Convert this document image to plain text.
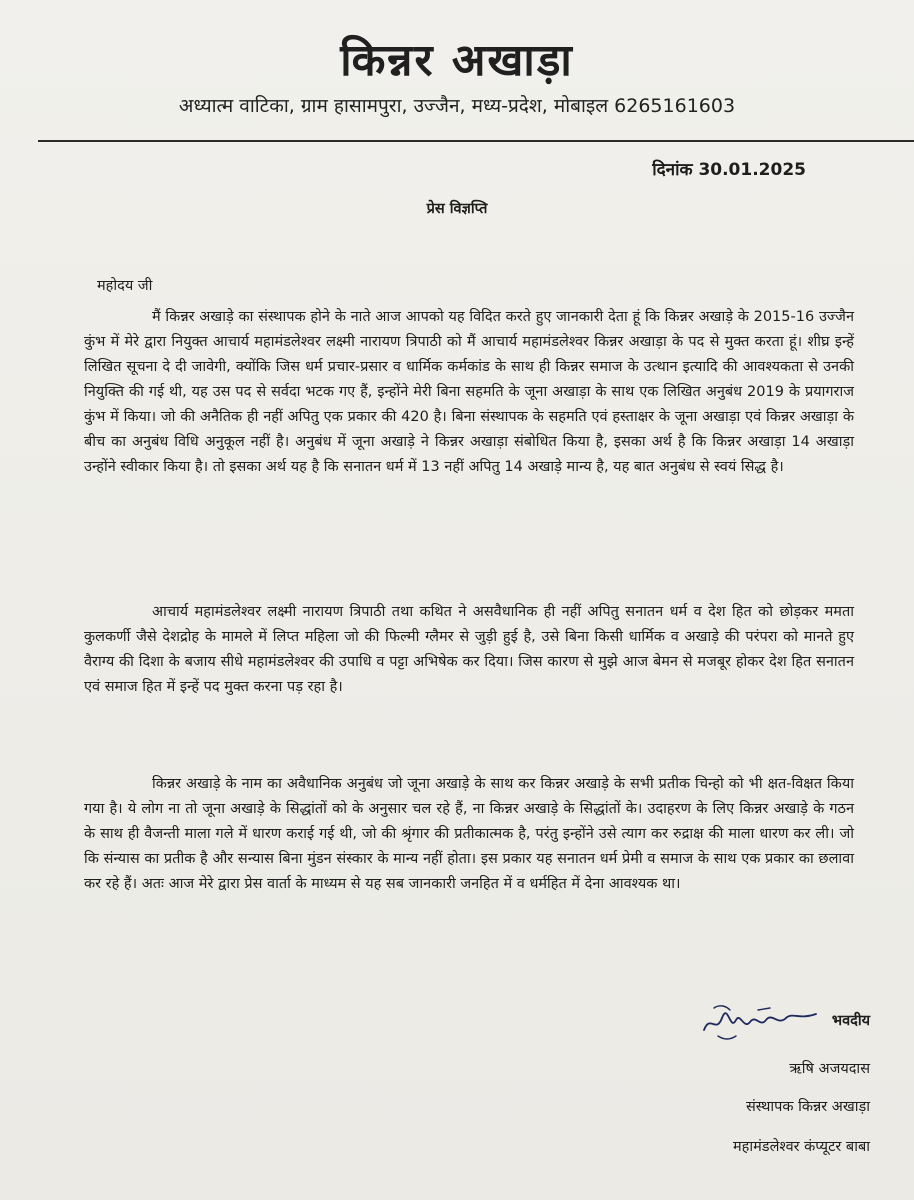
किन्नर अखाड़ा
अध्यात्म वाटिका, ग्राम हासामपुरा, उज्जैन, मध्य-प्रदेश, मोबाइल 6265161603
दिनांक 30.01.2025
प्रेस विज्ञप्ति
महोदय जी

मैं किन्नर अखाड़े का संस्थापक होने के नाते आज आपको यह विदित करते हुए जानकारी देता हूं कि किन्नर अखाड़े के 2015-16 उज्जैन कुंभ में मेरे द्वारा नियुक्त आचार्य महामंडलेश्वर लक्ष्मी नारायण त्रिपाठी को मैं आचार्य महामंडलेश्वर किन्नर अखाड़ा के पद से मुक्त करता हूं। शीघ्र इन्हें लिखित सूचना दे दी जावेगी, क्योंकि जिस धर्म प्रचार-प्रसार व धार्मिक कर्मकांड के साथ ही किन्नर समाज के उत्थान इत्यादि की आवश्यकता से उनकी नियुक्ति की गई थी, यह उस पद से सर्वदा भटक गए हैं, इन्होंने मेरी बिना सहमति के जूना अखाड़ा के साथ एक लिखित अनुबंध 2019 के प्रयागराज कुंभ में किया। जो की अनैतिक ही नहीं अपितु एक प्रकार की 420 है। बिना संस्थापक के सहमति एवं हस्ताक्षर के जूना अखाड़ा एवं किन्नर अखाड़ा के बीच का अनुबंध विधि अनुकूल नहीं है। अनुबंध में जूना अखाड़े ने किन्नर अखाड़ा संबोधित किया है, इसका अर्थ है कि किन्नर अखाड़ा 14 अखाड़ा उन्होंने स्वीकार किया है। तो इसका अर्थ यह है कि सनातन धर्म में 13 नहीं अपितु 14 अखाड़े मान्य है, यह बात अनुबंध से स्वयं सिद्ध है।

आचार्य महामंडलेश्वर लक्ष्मी नारायण त्रिपाठी तथा कथित ने असवैधानिक ही नहीं अपितु सनातन धर्म व देश हित को छोड़कर ममता कुलकर्णी जैसे देशद्रोह के मामले में लिप्त महिला जो की फिल्मी ग्लैमर से जुड़ी हुई है, उसे बिना किसी धार्मिक व अखाड़े की परंपरा को मानते हुए वैराग्य की दिशा के बजाय सीधे महामंडलेश्वर की उपाधि व पट्टा अभिषेक कर दिया। जिस कारण से मुझे आज बेमन से मजबूर होकर देश हित सनातन एवं समाज हित में इन्हें पद मुक्त करना पड़ रहा है।

किन्नर अखाड़े के नाम का अवैधानिक अनुबंध जो जूना अखाड़े के साथ कर किन्नर अखाड़े के सभी प्रतीक चिन्हो को भी क्षत-विक्षत किया गया है। ये लोग ना तो जूना अखाड़े के सिद्धांतों को के अनुसार चल रहे हैं, ना किन्नर अखाड़े के सिद्धांतों के। उदाहरण के लिए किन्नर अखाड़े के गठन के साथ ही वैजन्ती माला गले में धारण कराई गई थी, जो की श्रृंगार की प्रतीकात्मक है, परंतु इन्होंने उसे त्याग कर रुद्राक्ष की माला धारण कर ली। जो कि संन्यास का प्रतीक है और सन्यास बिना मुंडन संस्कार के मान्य नहीं होता। इस प्रकार यह सनातन धर्म प्रेमी व समाज के साथ एक प्रकार का छलावा कर रहे हैं। अतः आज मेरे द्वारा प्रेस वार्ता के माध्यम से यह सब जानकारी जनहित में व धर्महित में देना आवश्यक था।

भवदीय
ऋषि अजयदास
संस्थापक किन्नर अखाड़ा
महामंडलेश्वर कंप्यूटर बाबा
